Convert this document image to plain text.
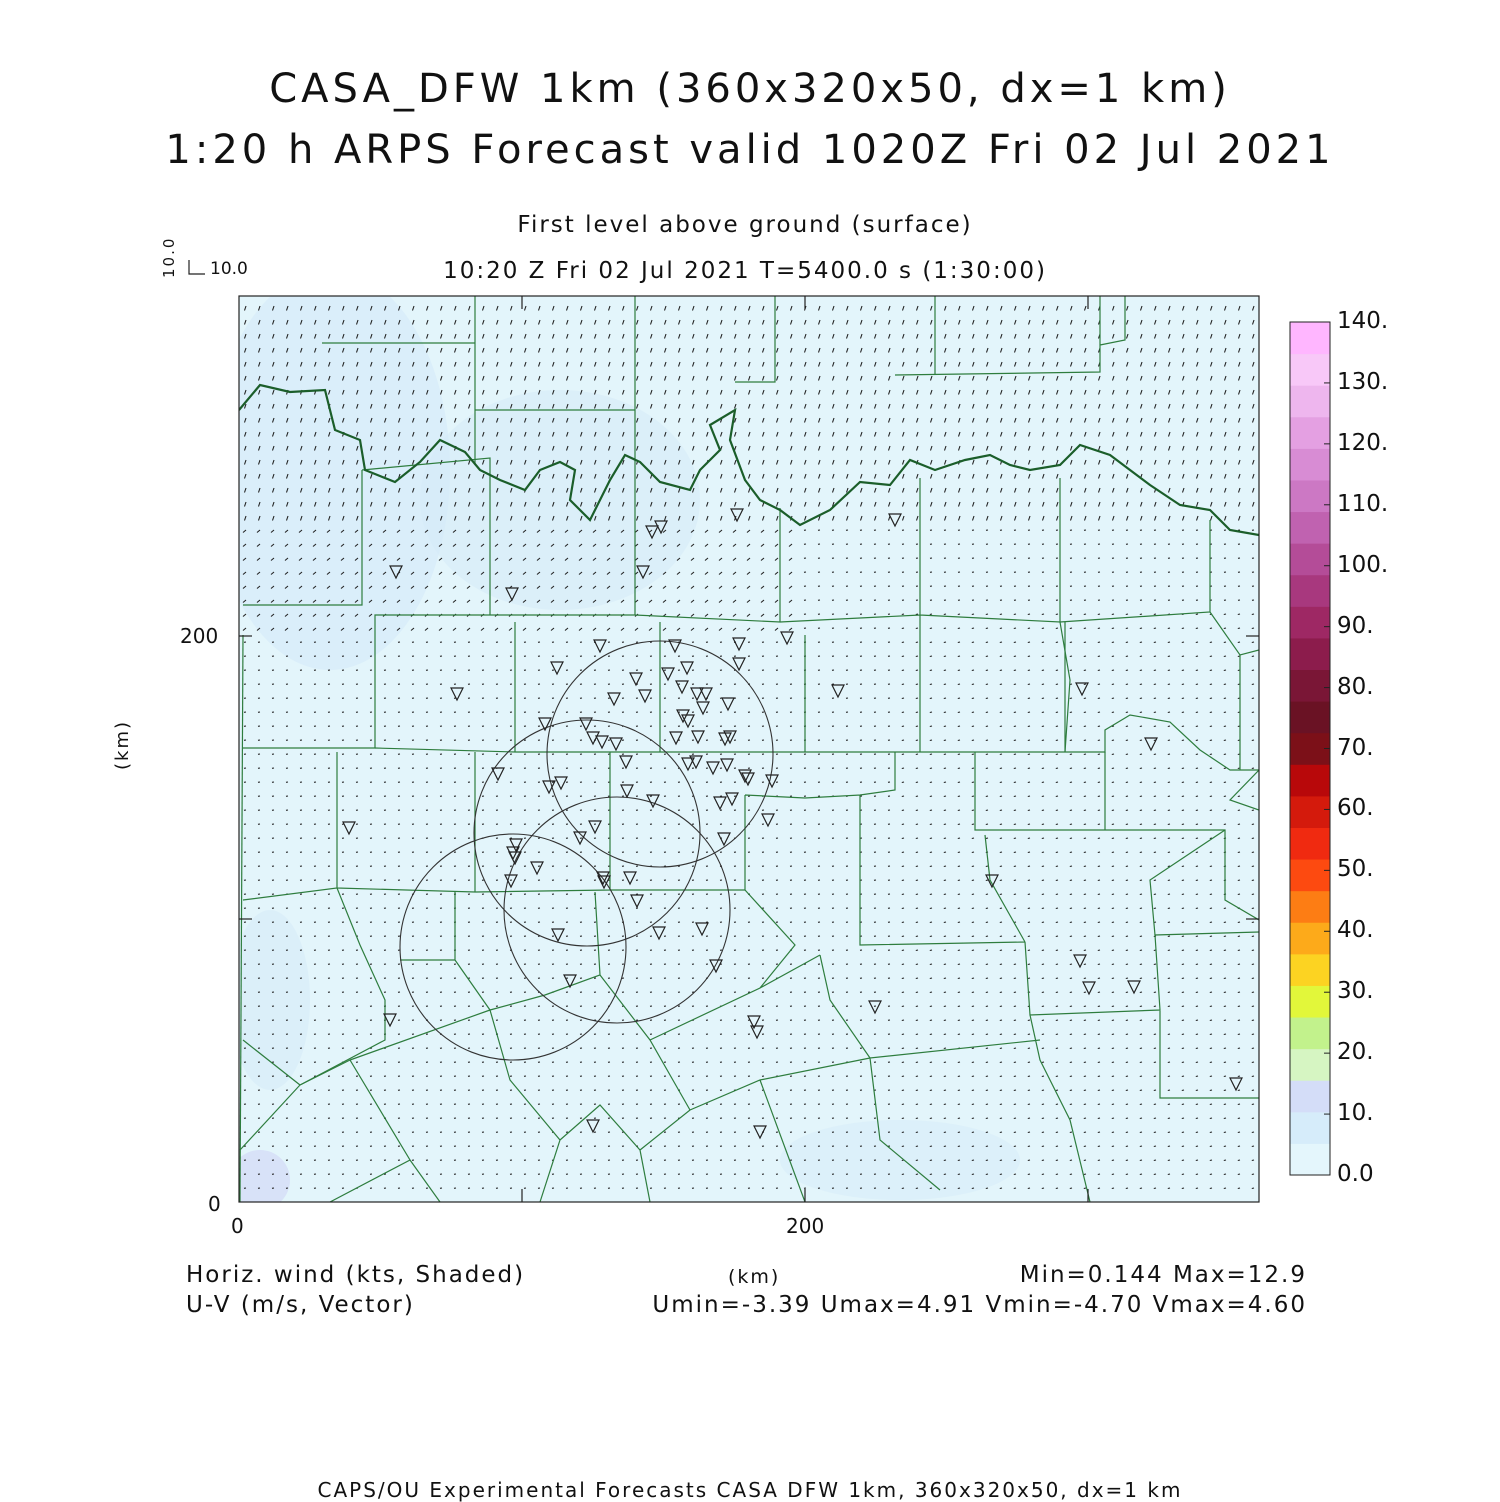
CASA_DFW 1km (360x320x50, dx=1 km)
1:20 h ARPS Forecast valid 1020Z Fri 02 Jul 2021
First level above ground (surface)
10:20 Z Fri 02 Jul 2021 T=5400.0 s (1:30:00)
10.0 10.0
(km)
200
0
0	200
Horiz. wind (kts, Shaded)
U-V (m/s, Vector)
(km)	Min=0.144 Max=12.9
Umin=-3.39 Umax=4.91 Vmin=-4.70 Vmax=4.60
CAPS/OU Experimental Forecasts CASA DFW 1km, 360x320x50, dx=1 km
0.0
10.
20.
30.
40.
50.
60.
70.
80.
90.
100.
110.
120.
130.
140.
